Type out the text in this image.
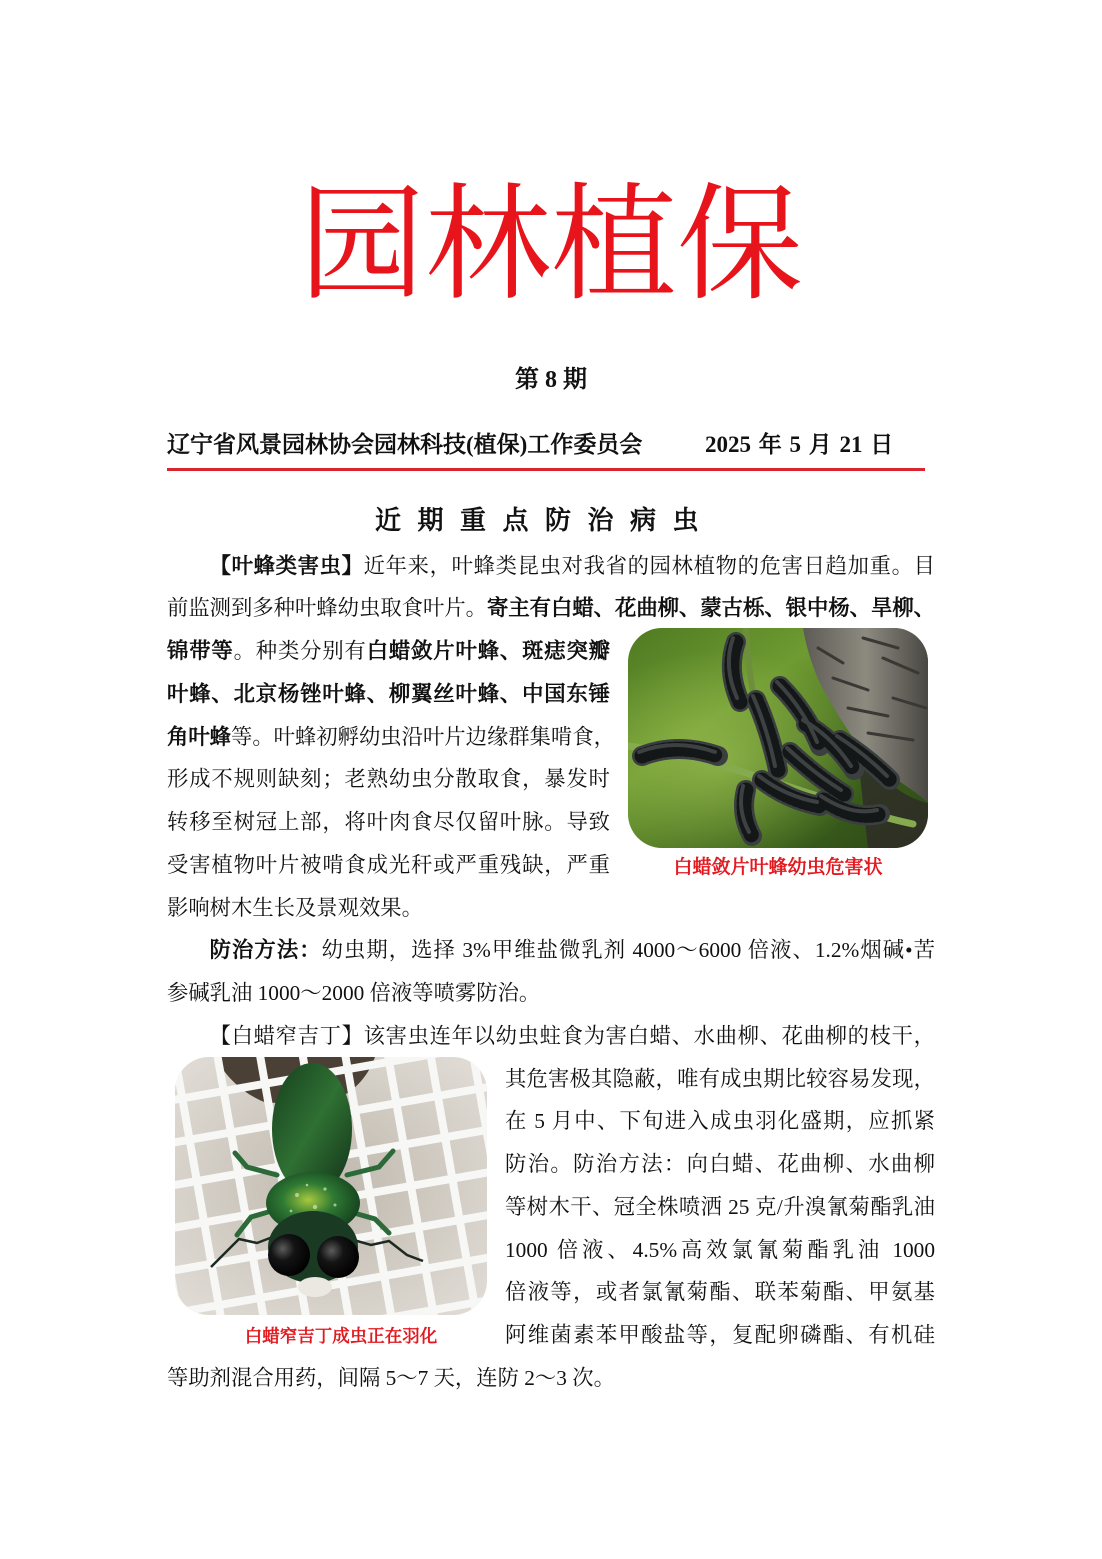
园林植保
第 8 期
辽宁省风景园林协会园林科技(植保)工作委员会	2025 年 5 月 21 日
近 期 重 点 防 治 病 虫
【叶蜂类害虫】近年来，叶蜂类昆虫对我省的园林植物的危害日趋加重。目
前监测到多种叶蜂幼虫取食叶片。寄主有白蜡、花曲柳、蒙古栎、银中杨、旱柳、
锦带等。种类分别有白蜡敛片叶蜂、斑痣突瓣
叶蜂、北京杨锉叶蜂、柳翼丝叶蜂、中国东锤
角叶蜂等。叶蜂初孵幼虫沿叶片边缘群集啃食，
形成不规则缺刻；老熟幼虫分散取食，暴发时
转移至树冠上部，将叶肉食尽仅留叶脉。导致
受害植物叶片被啃食成光秆或严重残缺，严重
影响树木生长及景观效果。
防治方法：幼虫期，选择 3%甲维盐微乳剂 4000～6000 倍液、1.2%烟碱•苦
参碱乳油 1000～2000 倍液等喷雾防治。
【白蜡窄吉丁】该害虫连年以幼虫蛀食为害白蜡、水曲柳、花曲柳的枝干，
其危害极其隐蔽，唯有成虫期比较容易发现，
在 5 月中、下旬进入成虫羽化盛期，应抓紧
防治。防治方法：向白蜡、花曲柳、水曲柳
等树木干、冠全株喷洒 25 克/升溴氰菊酯乳油
1000 倍液、4.5%高效氯氰菊酯乳油 1000
倍液等，或者氯氰菊酯、联苯菊酯、甲氨基
阿维菌素苯甲酸盐等，复配卵磷酯、有机硅
等助剂混合用药，间隔 5～7 天，连防 2～3 次。
白蜡敛片叶蜂幼虫危害状
白蜡窄吉丁成虫正在羽化
